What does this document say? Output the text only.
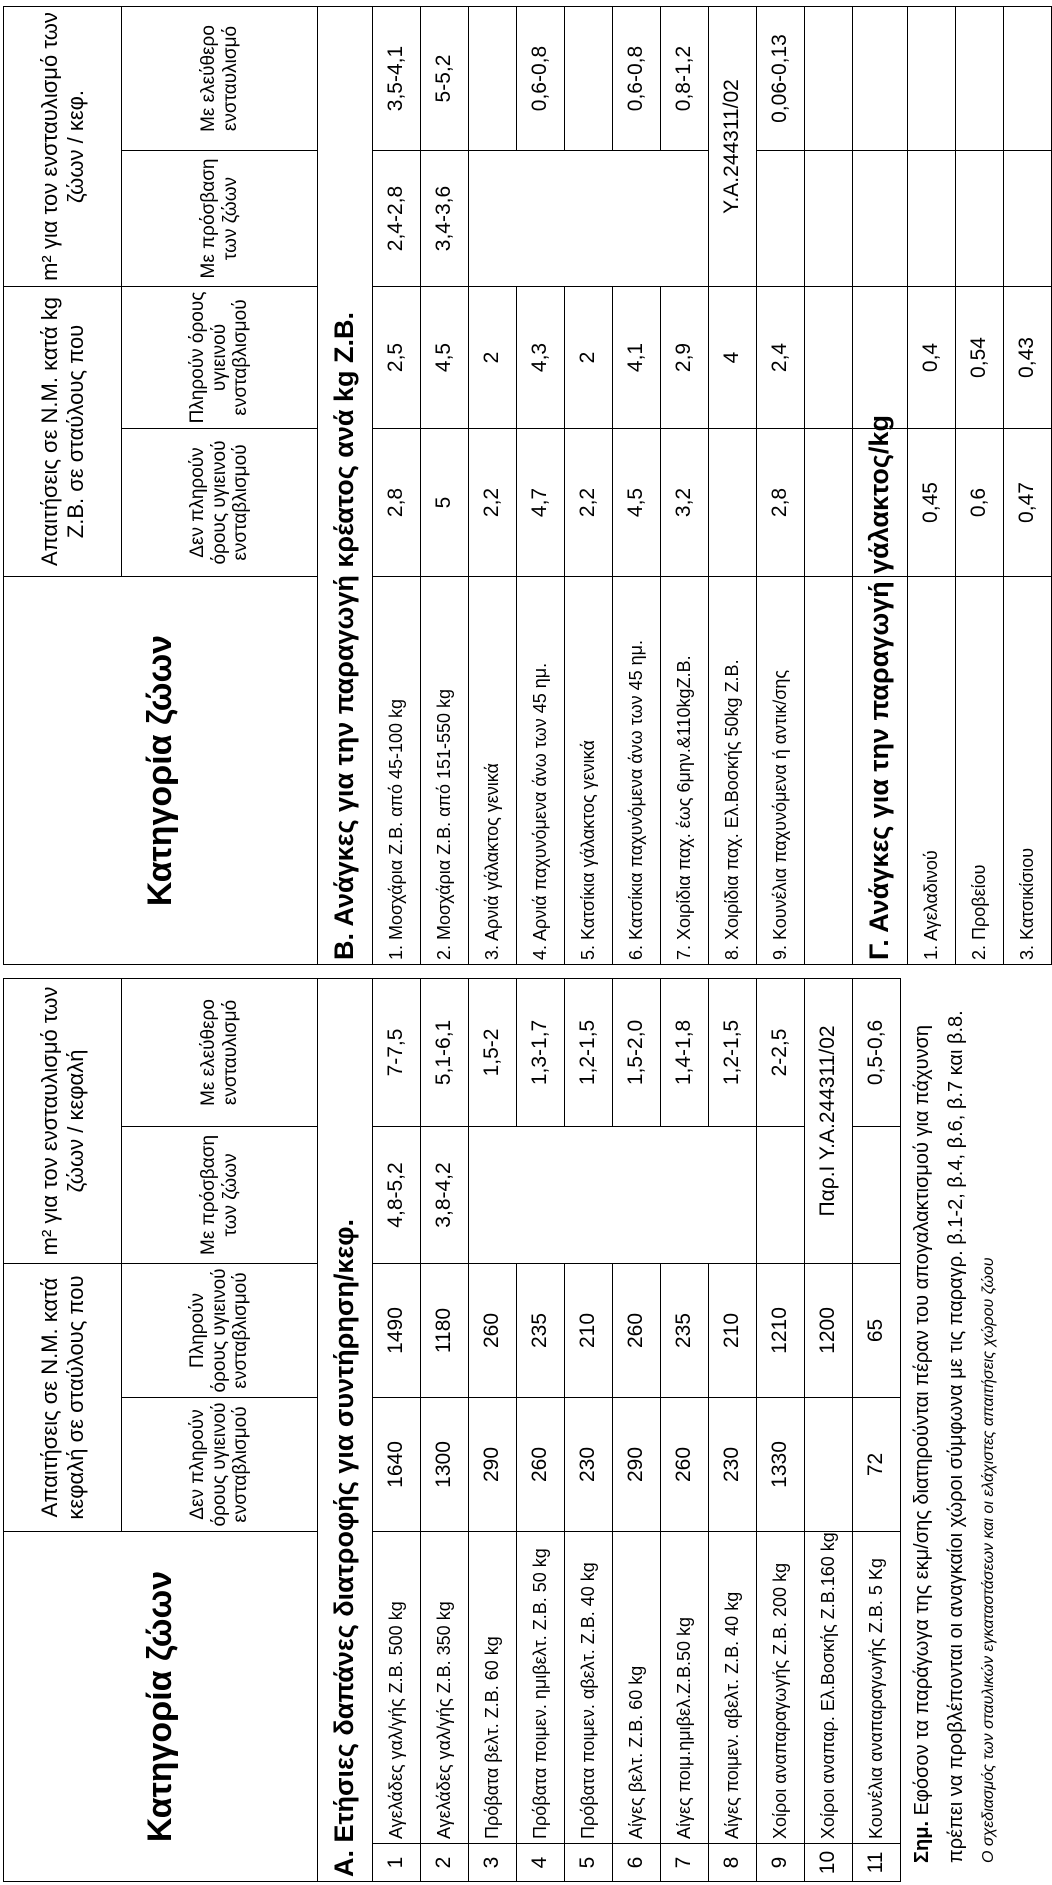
Κατηγορία ζώων		Απαιτήσεις σε Ν.Μ. κατά κεφαλή σε σταύλους που		m² για τον ενσταυλισμό των ζώων / κεφαλή	
		Δεν πληρούν όρους υγιεινού ενσταβλισμού	Πληρούν όρους υγιεινού ενσταβλισμού	Με πρόσβαση των ζώων	Με ελεύθερο ενσταυλισμό
Α. Ετήσιες δαπάνες διατροφής για συντήρηση/κεφ.					
1	Αγελάδες γαλ/γής Ζ.Β. 500 kg	1640	1490	4,8-5,2	7-7,5
2	Αγελάδες γαλ/γής Ζ.Β. 350 kg	1300	1180	3,8-4,2	5,1-6,1
3	Πρόβατα βελτ. Ζ.Β. 60 kg	290	260		1,5-2
4	Πρόβατα ποιμεν. ημιβελτ. Ζ.Β. 50 kg	260	235		1,3-1,7
5	Πρόβατα ποιμεν. αβελτ. Ζ.Β. 40 kg	230	210		1,2-1,5
6	Αίγες βελτ. Ζ.Β. 60 kg	290	260		1,5-2,0
7	Αίγες ποιμ.ημιβελ.Ζ.Β.50 kg	260	235		1,4-1,8
8	Αίγες ποιμεν. αβελτ. Ζ.Β. 40 kg	230	210		1,2-1,5
9	Χοίροι αναπαραγωγής Ζ.Β. 200 kg	1330	1210		2-2,5
10	Χοίροι αναπαρ. Ελ.Βοσκής Ζ.Β.160 kg		1200	Παρ.Ι Υ.Α.244311/02	
11	Κουνέλια αναπαραγωγής Ζ.Β. 5 Kg	72	65		0,5-0,6
Σημ. Εφόσον τα παράγωγα της εκμ/σης διατηρούνται πέραν του απογαλακτισμού για πάχυνση πρέπει να προβλέπονται οι αναγκαίοι χώροι σύμφωνα με τις παραγρ. β.1-2, β.4, β.6, β.7 και β.8. Ο σχεδιασμός των σταυλικών εγκαταστάσεων και οι ελάχιστες απαιτήσεις χώρου ζώου
Κατηγορία ζώων	Απαιτήσεις σε Ν.Μ. κατά kg Ζ.Β. σε σταύλους που		m² για τον ενσταυλισμό των ζώων / κεφ.	
	Δεν πληρούν όρους υγιεινού ενσταβλισμού	Πληρούν όρους υγιεινού ενσταβλισμού	Με πρόσβαση των ζώων	Με ελεύθερο ενσταυλισμό
Β. Ανάγκες για την παραγωγή κρέατος ανά kg Ζ.Β.				
1. Μοσχάρια Ζ.Β. από 45-100 kg	2,8	2,5	2,4-2,8	3,5-4,1
2. Μοσχάρια Ζ.Β. από 151-550 kg	5	4,5	3,4-3,6	5-5,2
3. Αρνιά γάλακτος γενικά	2,2	2		
4. Αρνιά παχυνόμενα άνω των 45 ημ.	4,7	4,3		0,6-0,8
5. Κατσίκια γάλακτος γενικά	2,2	2		
6. Κατσίκια παχυνόμενα άνω των 45 ημ.	4,5	4,1		0,6-0,8
7. Χοιρίδια παχ. έως 6μην.&110kgΖ.Β.	3,2	2,9		0,8-1,2
8. Χοιρίδια παχ. Ελ.Βοσκής 50kg Ζ.Β.		4	Υ.Α.244311/02	
9. Κουνέλια παχυνόμενα ή αντικ/σης	2,8	2,4		0,06-0,13

Γ. Ανάγκες για την παραγωγή γάλακτος/kg				
1. Αγελαδινού	0,45	0,4		
2. Προβείου	0,6	0,54		
3. Κατσικίσιου	0,47	0,43		
